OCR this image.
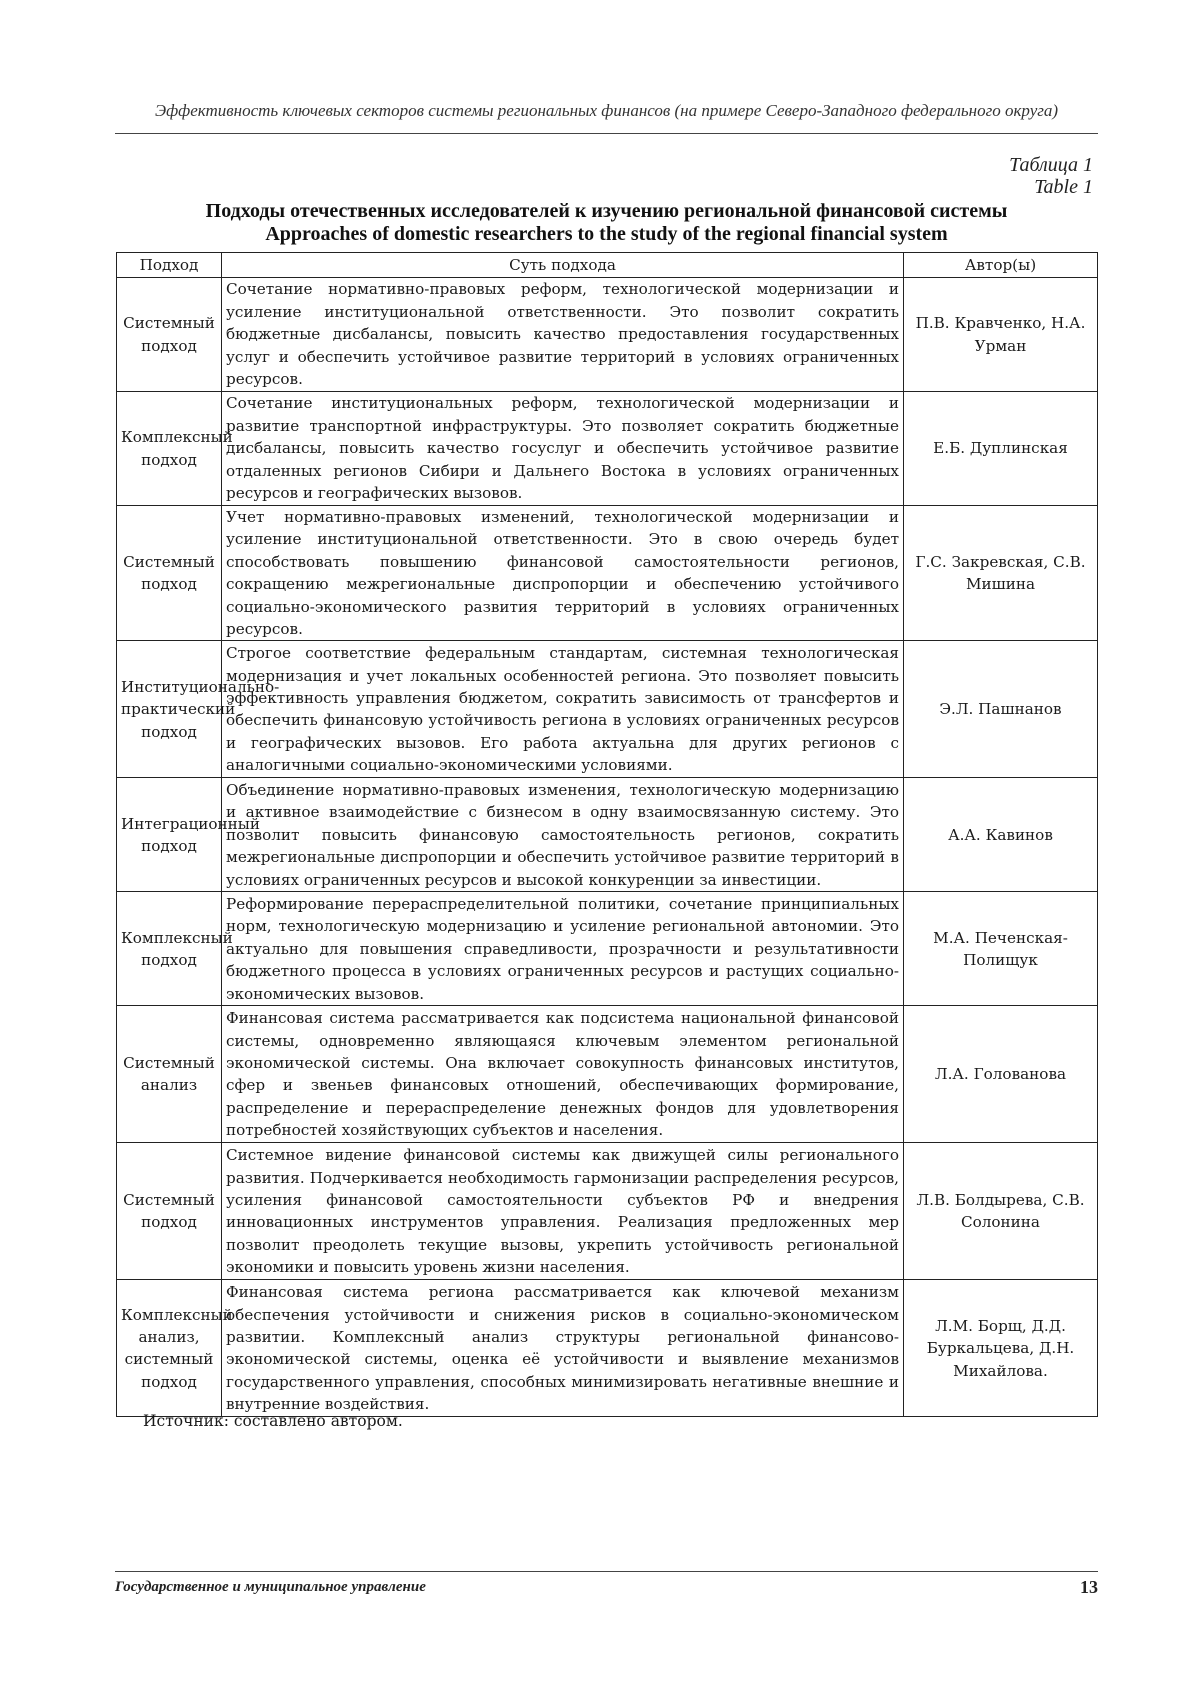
Эффективность ключевых секторов системы региональных финансов (на примере Северо-Западного федерального округа)
Таблица 1
Table 1
Подходы отечественных исследователей к изучению региональной финансовой системы
Approaches of domestic researchers to the study of the regional financial system
Подход	Суть подхода	Автор(ы)
Системный подход	Сочетание нормативно-правовых реформ, технологической модернизации и усиление институциональной ответственности. Это позволит сократить бюджетные дисбалансы, повысить качество предоставления государственных услуг и обеспечить устойчивое развитие территорий в условиях ограниченных ресурсов.	П.В. Кравченко, Н.А. Урман
Комплексный подход	Сочетание институциональных реформ, технологической модернизации и развитие транспортной инфраструктуры. Это позволяет сократить бюджетные дисбалансы, повысить качество госуслуг и обеспечить устойчивое развитие отдаленных регионов Сибири и Дальнего Востока в условиях ограниченных ресурсов и географических вызовов.	Е.Б. Дуплинская
Системный подход	Учет нормативно-правовых изменений, технологической модернизации и усиление институциональной ответственности. Это в свою очередь будет способствовать повышению финансовой самостоятельности регионов, сокращению межрегиональные диспропорции и обеспечению устойчивого социально-экономического развития территорий в условиях ограниченных ресурсов.	Г.С. Закревская, С.В. Мишина
Институционально-практический подход	Строгое соответствие федеральным стандартам, системная технологическая модернизация и учет локальных особенностей региона. Это позволяет повысить эффективность управления бюджетом, сократить зависимость от трансфертов и обеспечить финансовую устойчивость региона в условиях ограниченных ресурсов и географических вызовов. Его работа актуальна для других регионов с аналогичными социально-экономическими условиями.	Э.Л. Пашнанов
Интеграционный подход	Объединение нормативно-правовых изменения, технологическую модернизацию и активное взаимодействие с бизнесом в одну взаимосвязанную систему. Это позволит повысить финансовую самостоятельность регионов, сократить межрегиональные диспропорции и обеспечить устойчивое развитие территорий в условиях ограниченных ресурсов и высокой конкуренции за инвестиции.	А.А. Кавинов
Комплексный подход	Реформирование перераспределительной политики, сочетание принципиальных норм, технологическую модернизацию и усиление региональной автономии. Это актуально для повышения справедливости, прозрачности и результативности бюджетного процесса в условиях ограниченных ресурсов и растущих социально-экономических вызовов.	М.А. Печенская-Полищук
Системный анализ	Финансовая система рассматривается как подсистема национальной финансовой системы, одновременно являющаяся ключевым элементом региональной экономической системы. Она включает совокупность финансовых институтов, сфер и звеньев финансовых отношений, обеспечивающих формирование, распределение и перераспределение денежных фондов для удовлетворения потребностей хозяйствующих субъектов и населения.	Л.А. Голованова
Системный подход	Системное видение финансовой системы как движущей силы регионального развития. Подчеркивается необходимость гармонизации распределения ресурсов, усиления финансовой самостоятельности субъектов РФ и внедрения инновационных инструментов управления. Реализация предложенных мер позволит преодолеть текущие вызовы, укрепить устойчивость региональной экономики и повысить уровень жизни населения.	Л.В. Болдырева, С.В. Солонина
Комплексный анализ, системный подход	Финансовая система региона рассматривается как ключевой механизм обеспечения устойчивости и снижения рисков в социально-экономическом развитии. Комплексный анализ структуры региональной финансово-экономической системы, оценка её устойчивости и выявление механизмов государственного управления, способных минимизировать негативные внешние и внутренние воздействия.	Л.М. Борщ, Д.Д. Буркальцева, Д.Н. Михайлова.
Источник: составлено автором.
Государственное и муниципальное управление	13
